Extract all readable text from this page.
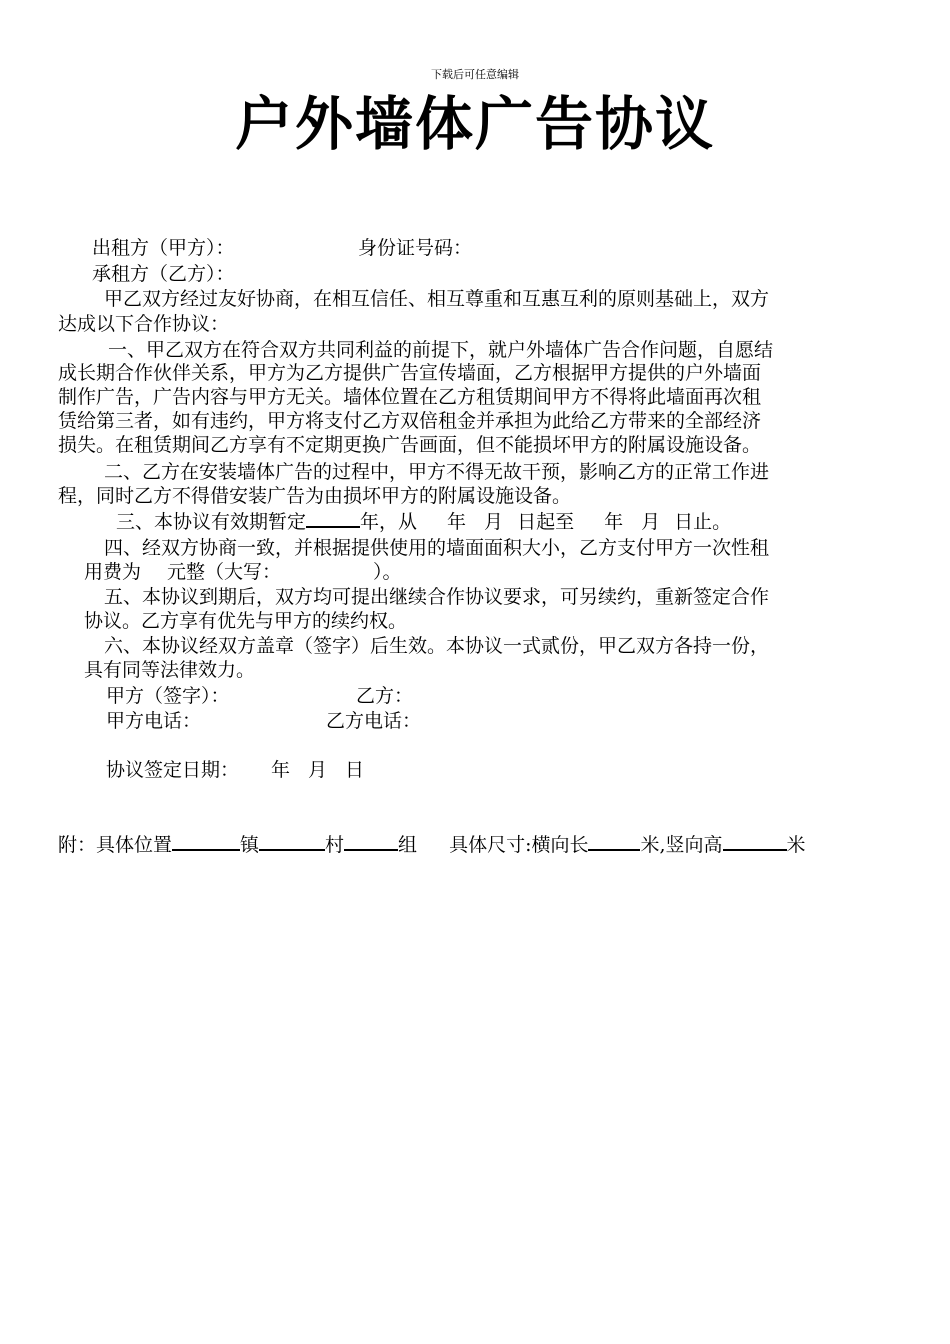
下载后可任意编辑
户外墙体广告协议
出租方（甲方）：	身份证号码：
承租方（乙方）：
甲乙双方经过友好协商，在相互信任、相互尊重和互惠互利的原则基础上，双方
达成以下合作协议：
一、甲乙双方在符合双方共同利益的前提下，就户外墙体广告合作问题，自愿结
成长期合作伙伴关系，甲方为乙方提供广告宣传墙面，乙方根据甲方提供的户外墙面
制作广告，广告内容与甲方无关。墙体位置在乙方租赁期间甲方不得将此墙面再次租
赁给第三者，如有违约，甲方将支付乙方双倍租金并承担为此给乙方带来的全部经济
损失。在租赁期间乙方享有不定期更换广告画面，但不能损坏甲方的附属设施设备。
二、乙方在安装墙体广告的过程中，甲方不得无故干预，影响乙方的正常工作进
程，同时乙方不得借安装广告为由损坏甲方的附属设施设备。
三、本协议有效期暂定	年，从 年 月 日起至 年 月 日止。
四、经双方协商一致，并根据提供使用的墙面面积大小，乙方支付甲方一次性租
用费为 元整（大写：	）。
五、本协议到期后，双方均可提出继续合作协议要求，可另续约，重新签定合作
协议。乙方享有优先与甲方的续约权。
六、本协议经双方盖章（签字）后生效。本协议一式贰份，甲乙双方各持一份，
具有同等法律效力。
甲方（签字）：	乙方：
甲方电话：	乙方电话：
协议签定日期： 年 月 日
附：具体位置	镇	村	组 具体尺寸:横向长	米,竖向高	米
